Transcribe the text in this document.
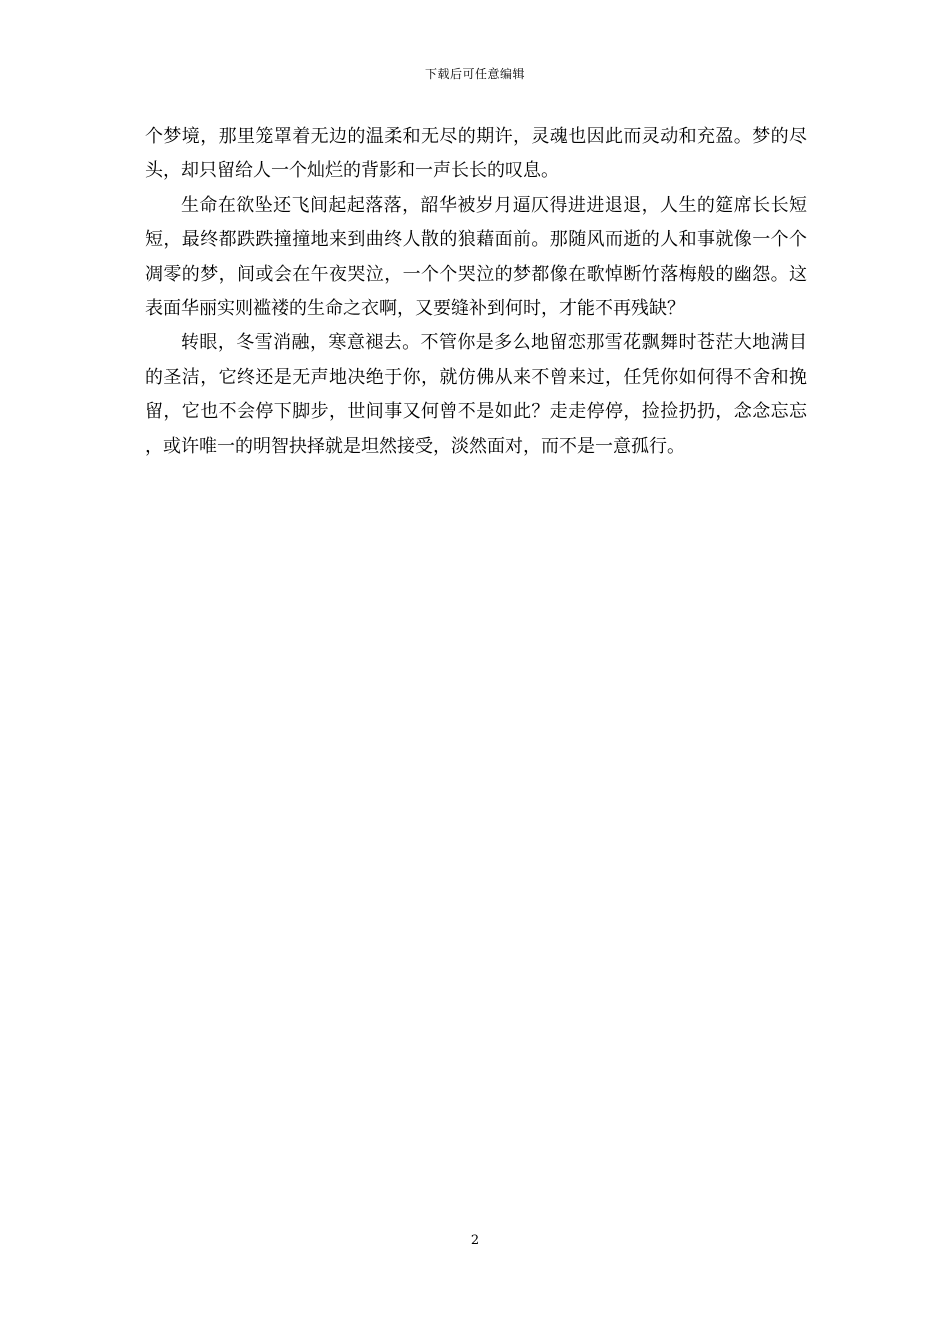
下载后可任意编辑

个梦境，那里笼罩着无边的温柔和无尽的期许，灵魂也因此而灵动和充盈。梦的尽头，却只留给人一个灿烂的背影和一声长长的叹息。

生命在欲坠还飞间起起落落，韶华被岁月逼仄得进进退退，人生的筵席长长短短，最终都跌跌撞撞地来到曲终人散的狼藉面前。那随风而逝的人和事就像一个个凋零的梦，间或会在午夜哭泣，一个个哭泣的梦都像在歌悼断竹落梅般的幽怨。这表面华丽实则褴褛的生命之衣啊，又要缝补到何时，才能不再残缺？

转眼，冬雪消融，寒意褪去。不管你是多么地留恋那雪花飘舞时苍茫大地满目的圣洁，它终还是无声地决绝于你，就仿佛从来不曾来过，任凭你如何得不舍和挽留，它也不会停下脚步，世间事又何曾不是如此？走走停停，捡捡扔扔，念念忘忘，或许唯一的明智抉择就是坦然接受，淡然面对，而不是一意孤行。

2
